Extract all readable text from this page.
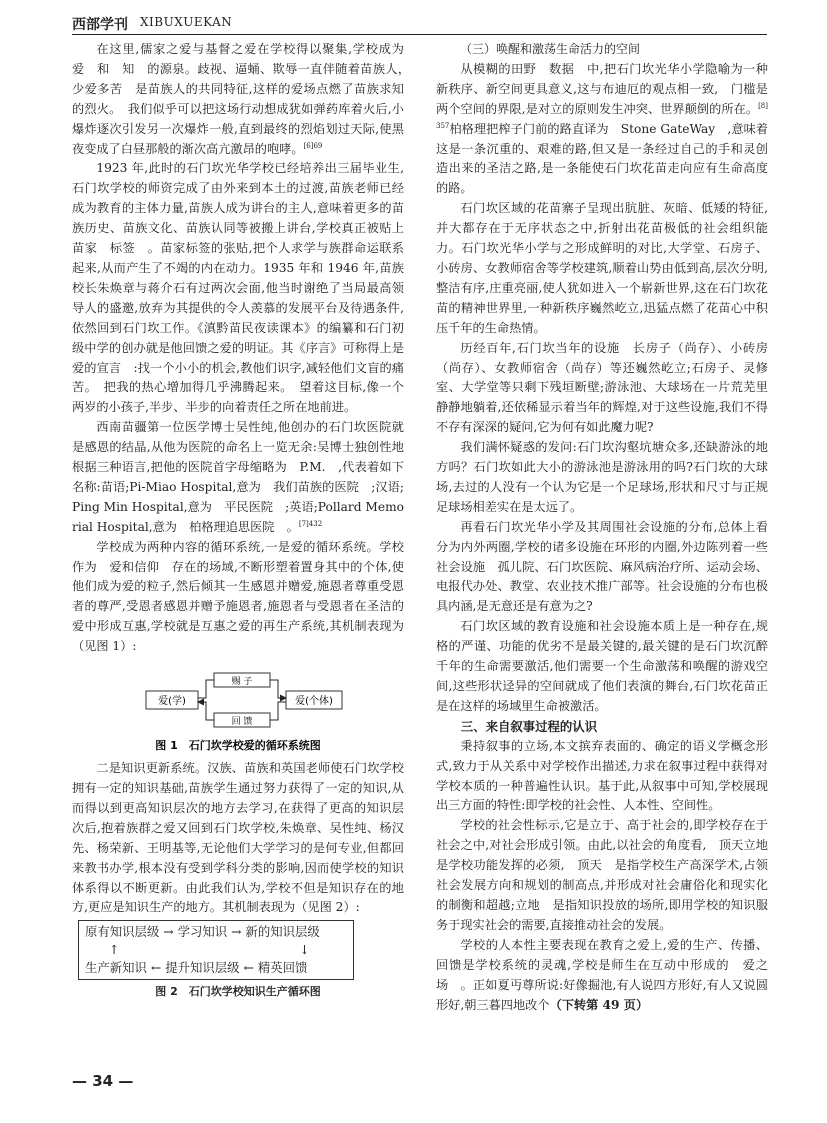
西部学刊 XIBUXUEKAN

在这里,儒家之爱与基督之爱在学校得以聚集,学校成为　爱　和　知　的源泉。歧视、逼蛹、欺辱一直伴随着苗族人，　少爱多苦　是苗族人的共同特征,这样的爱场点燃了苗族求知的烈火。　我们似乎可以把这场行动想成犹如弹药库着火后,小爆炸逐次引发另一次爆炸一般,直到最终的烈焰划过天际,使黑夜变成了白昼那般的渐次高亢激昂的咆哮。$^{[6]69}$

1923 年,此时的石门坎光华学校已经培养出三届毕业生,石门坎学校的师资完成了由外来到本土的过渡,苗族老师已经成为教育的主体力量,苗族人成为讲台的主人,意味着更多的苗族历史、苗族文化、苗族认同等被搬上讲台,学校真正被贴上苗家　标签　。苗家标签的张贴,把个人求学与族群命运联系起来,从而产生了不竭的内在动力。1935 年和 1946 年,苗族校长朱焕章与蒋介石有过两次会面,他当时谢绝了当局最高领导人的盛邀,放弃为其提供的令人羡慕的发展平台及待遇条件,依然回到石门坎工作。《滇黔苗民夜读课本》的编纂和石门初级中学的创办就是他回馈之爱的明证。其《序言》可称得上是　爱的宣言　:找一个小小的机会,教他们识字,减轻他们文盲的痛苦。　把我的热心增加得几乎沸腾起来。　望着这目标,像一个两岁的小孩子,半步、半步的向着责任之所在地前进。

西南苗疆第一位医学博士吴性纯,他创办的石门坎医院就是感恩的结晶,从他为医院的命名上一览无余:吴博士独创性地根据三种语言,把他的医院首字母缩略为　P.M.　,代表着如下名称:苗语;Pi-Miao Hospital,意为　我们苗族的医院　;汉语;Ping Min Hospital,意为　平民医院　;英语;Pollard Memorial Hospital,意为　柏格理追思医院　。$^{[7]432}$

学校成为两种内容的循环系统,一是爱的循环系统。学校作为　爱和信仰　存在的场域,不断形塑着置身其中的个体,使他们成为爱的粒子,然后倾其一生感恩并赠爱,施恩者尊重受恩者的尊严,受恩者感恩并赠予施恩者,施恩者与受恩者在圣洁的爱中形成互惠,学校就是互惠之爱的再生产系统,其机制表现为（见图 1）:

爱(学)	爱(个体)
赐 子
回 馈
图 1　石门坎学校爱的循环系统图

二是知识更新系统。汉族、苗族和英国老师使石门坎学校拥有一定的知识基础,苗族学生通过努力获得了一定的知识,从而得以到更高知识层次的地方去学习,在获得了更高的知识层次后,抱着族群之爱又回到石门坎学校,朱焕章、吴性纯、杨汉先、杨荣新、王明基等,无论他们大学学习的是何专业,但都回来教书办学,根本没有受到学科分类的影响,因而使学校的知识体系得以不断更新。由此我们认为,学校不但是知识存在的地方,更应是知识生产的地方。其机制表现为（见图 2）:

原有知识层级 → 学习知识 → 新的知识层级
↑↓
生产新知识 ← 提升知识层级 ← 精英回馈
图 2　石门坎学校知识生产循环图
（三）唤醒和激荡生命活力的空间

从模糊的田野　数据　中,把石门坎光华小学隐喻为一种新秩序、新空间更具意义,这与布迪厄的观点相一致,　门槛是两个空间的界限,是对立的原则发生冲突、世界颠倒的所在。$^{[8]357}$柏格理把榨子门前的路直译为　Stone GateWay　,意味着这是一条沉重的、艰难的路,但又是一条经过自己的手和灵创造出来的圣洁之路,是一条能使石门坎花苗走向应有生命高度的路。

石门坎区域的花苗寨子呈现出肮脏、灰暗、低矮的特征,并大都存在于无序状态之中,折射出花苗极低的社会组织能力。石门坎光华小学与之形成鲜明的对比,大学堂、石房子、小砖房、女教师宿舍等学校建筑,顺着山势由低到高,层次分明,整洁有序,庄重亮丽,使人犹如进入一个崭新世界,这在石门坎花苗的精神世界里,一种新秩序巍然屹立,迅猛点燃了花苗心中积压千年的生命热情。

历经百年,石门坎当年的设施　长房子（尚存）、小砖房（尚存）、女教师宿舍（尚存）等还巍然屹立;石房子、灵修室、大学堂等只剩下残垣断壁;游泳池、大球场在一片荒芜里静静地躺着,还依稀显示着当年的辉煌,对于这些设施,我们不得不存有深深的疑问,它为何有如此魔力呢?

我们满怀疑惑的发问:石门坎沟壑坑塘众多,还缺游泳的地方吗？石门坎如此大小的游泳池是游泳用的吗?石门坎的大球场,去过的人没有一个认为它是一个足球场,形状和尺寸与正规足球场相差实在是太远了。

再看石门坎光华小学及其周围社会设施的分布,总体上看分为内外两圈,学校的诸多设施在环形的内圈,外边陈列着一些社会设施　孤儿院、石门坎医院、麻风病治疗所、运动会场、电报代办处、教堂、农业技术推广部等。社会设施的分布也极具内涵,是无意还是有意为之?

石门坎区域的教育设施和社会设施本质上是一种存在,规格的严谨、功能的优劣不是最关键的,最关键的是石门坎沉醉千年的生命需要激活,他们需要一个生命激荡和唤醒的游戏空间,这些形状迳异的空间就成了他们表演的舞台,石门坎花苗正是在这样的场域里生命被激活。

三、来自叙事过程的认识

秉持叙事的立场,本文摈弃表面的、确定的语义学概念形式,致力于从关系中对学校作出描述,力求在叙事过程中获得对学校本质的一种普遍性认识。基于此,从叙事中可知,学校展现出三方面的特性:即学校的社会性、人本性、空间性。

学校的社会性标示,它是立于、高于社会的,即学校存在于社会之中,对社会形成引领。由此,以社会的角度看,　顶天立地　是学校功能发挥的必须,　顶天　是指学校生产高深学术,占领社会发展方向和规划的制高点,并形成对社会庸俗化和现实化的制衡和超越;立地　是指知识投放的场所,即用学校的知识服务于现实社会的需要,直接推动社会的发展。

学校的人本性主要表现在教育之爱上,爱的生产、传播、回馈是学校系统的灵魂,学校是师生在互动中形成的　爱之场　。正如夏丏尊所说:好像掘池,有人说四方形好,有人又说圆形好,朝三暮四地改个（下转第 49 页）

— 34 —
